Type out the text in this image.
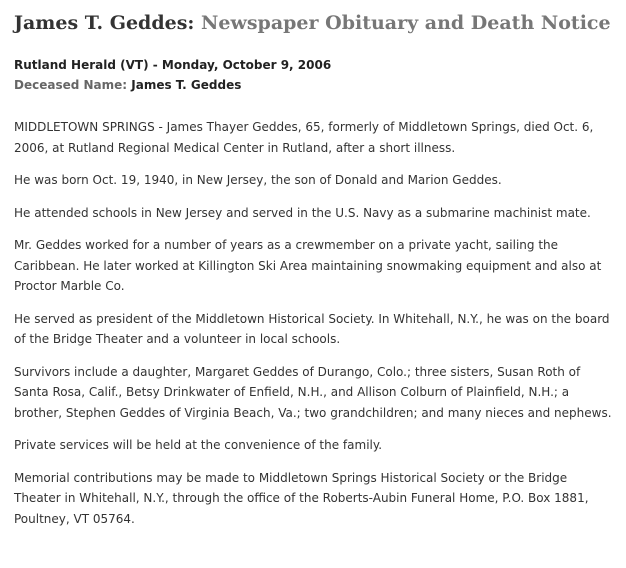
James T. Geddes: Newspaper Obituary and Death Notice
Rutland Herald (VT) - Monday, October 9, 2006
Deceased Name: James T. Geddes

MIDDLETOWN SPRINGS - James Thayer Geddes, 65, formerly of Middletown Springs, died Oct. 6, 2006, at Rutland Regional Medical Center in Rutland, after a short illness.

He was born Oct. 19, 1940, in New Jersey, the son of Donald and Marion Geddes.

He attended schools in New Jersey and served in the U.S. Navy as a submarine machinist mate.

Mr. Geddes worked for a number of years as a crewmember on a private yacht, sailing the Caribbean. He later worked at Killington Ski Area maintaining snowmaking equipment and also at Proctor Marble Co.

He served as president of the Middletown Historical Society. In Whitehall, N.Y., he was on the board of the Bridge Theater and a volunteer in local schools.

Survivors include a daughter, Margaret Geddes of Durango, Colo.; three sisters, Susan Roth of Santa Rosa, Calif., Betsy Drinkwater of Enfield, N.H., and Allison Colburn of Plainfield, N.H.; a brother, Stephen Geddes of Virginia Beach, Va.; two grandchildren; and many nieces and nephews.

Private services will be held at the convenience of the family.

Memorial contributions may be made to Middletown Springs Historical Society or the Bridge Theater in Whitehall, N.Y., through the office of the Roberts-Aubin Funeral Home, P.O. Box 1881, Poultney, VT 05764.
